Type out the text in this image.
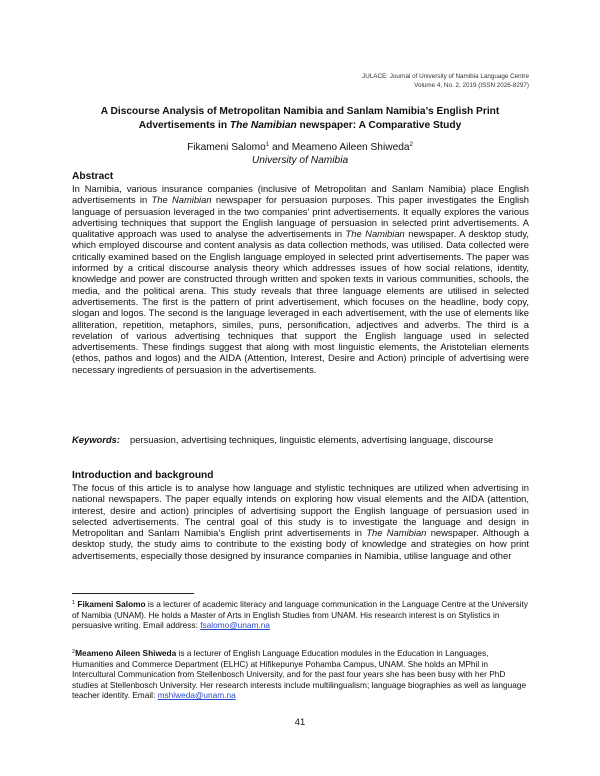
JULACE: Journal of University of Namibia Language Centre
Volume 4, No. 2, 2019 (ISSN 2026-8297)
A Discourse Analysis of Metropolitan Namibia and Sanlam Namibia’s English Print
Advertisements in The Namibian newspaper: A Comparative Study
Fikameni Salomo$^1$ and Meameno Aileen Shiweda$^2$
University of Namibia

Abstract

In Namibia, various insurance companies (inclusive of Metropolitan and Sanlam Namibia) place English advertisements in The Namibian newspaper for persuasion purposes. This paper investigates the English language of persuasion leveraged in the two companies’ print advertisements. It equally explores the various advertising techniques that support the English language of persuasion in selected print advertisements. A qualitative approach was used to analyse the advertisements in The Namibian newspaper. A desktop study, which employed discourse and content analysis as data collection methods, was utilised. Data collected were critically examined based on the English language employed in selected print advertisements. The paper was informed by a critical discourse analysis theory which addresses issues of how social relations, identity, knowledge and power are constructed through written and spoken texts in various communities, schools, the media, and the political arena. This study reveals that three language elements are utilised in selected advertisements. The first is the pattern of print advertisement, which focuses on the headline, body copy, slogan and logos. The second is the language leveraged in each advertisement, with the use of elements like alliteration, repetition, metaphors, similes, puns, personification, adjectives and adverbs. The third is a revelation of various advertising techniques that support the English language used in selected advertisements. These findings suggest that along with most linguistic elements, the Aristotelian elements (ethos, pathos and logos) and the AIDA (Attention, Interest, Desire and Action) principle of advertising were necessary ingredients of persuasion in the advertisements.

Keywords:	persuasion, advertising techniques, linguistic elements, advertising language, discourse

Introduction and background

The focus of this article is to analyse how language and stylistic techniques are utilized when advertising in national newspapers. The paper equally intends on exploring how visual elements and the AIDA (attention, interest, desire and action) principles of advertising support the English language of persuasion used in selected advertisements. The central goal of this study is to investigate the language and design in Metropolitan and Sanlam Namibia’s English print advertisements in The Namibian newspaper. Although a desktop study, the study aims to contribute to the existing body of knowledge and strategies on how print advertisements, especially those designed by insurance companies in Namibia, utilise language and other

$^1$ Fikameni Salomo is a lecturer of academic literacy and language communication in the Language Centre at the University of Namibia (UNAM). He holds a Master of Arts in English Studies from UNAM. His research interest is on Stylistics in persuasive writing. Email address: fsalomo@unam.na
$^2$Meameno Aileen Shiweda is a lecturer of English Language Education modules in the Education in Languages, Humanities and Commerce Department (ELHC) at Hifikepunye Pohamba Campus, UNAM. She holds an MPhil in Intercultural Communication from Stellenbosch University, and for the past four years she has been busy with her PhD studies at Stellenbosch University. Her research interests include multilingualism; language biographies as well as language teacher identity. Email: mshiweda@unam.na
41
